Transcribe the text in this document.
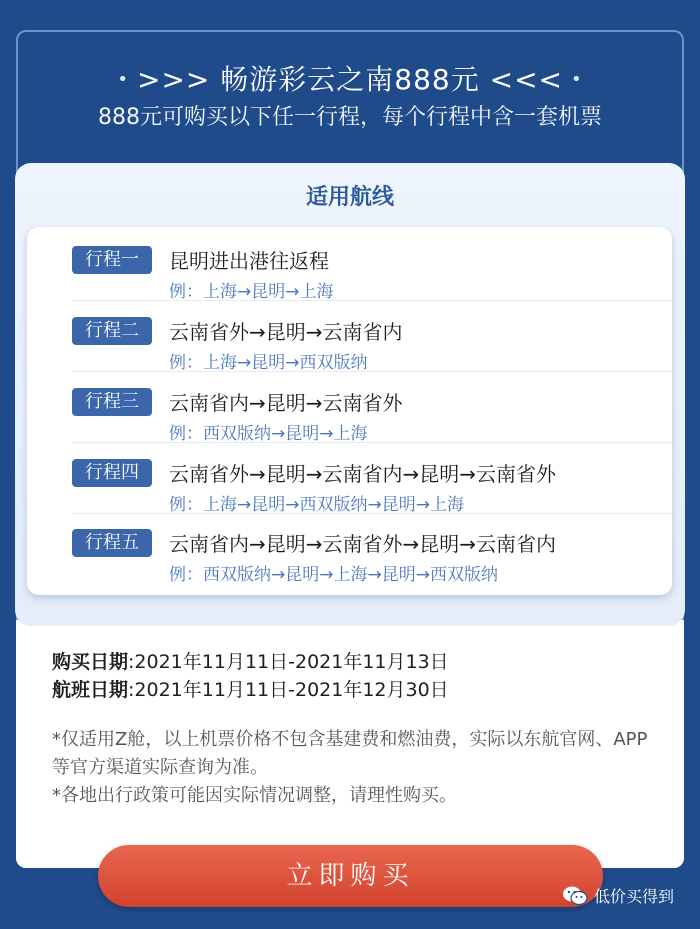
• >>> 畅游彩云之南888元 <<< •
888元可购买以下任一行程，每个行程中含一套机票
适用航线
行程一	昆明进出港往返程
例：上海→昆明→上海
行程二	云南省外→昆明→云南省内
例：上海→昆明→西双版纳
行程三	云南省内→昆明→云南省外
例：西双版纳→昆明→上海
行程四	云南省外→昆明→云南省内→昆明→云南省外
例：上海→昆明→西双版纳→昆明→上海
行程五	云南省内→昆明→云南省外→昆明→云南省内
例：西双版纳→昆明→上海→昆明→西双版纳
购买日期:2021年11月11日-2021年11月13日
航班日期:2021年11月11日-2021年12月30日
*仅适用Z舱，以上机票价格不包含基建费和燃油费，实际以东航官网、APP等官方渠道实际查询为准。
*各地出行政策可能因实际情况调整，请理性购买。
立即购买
低价买得到
